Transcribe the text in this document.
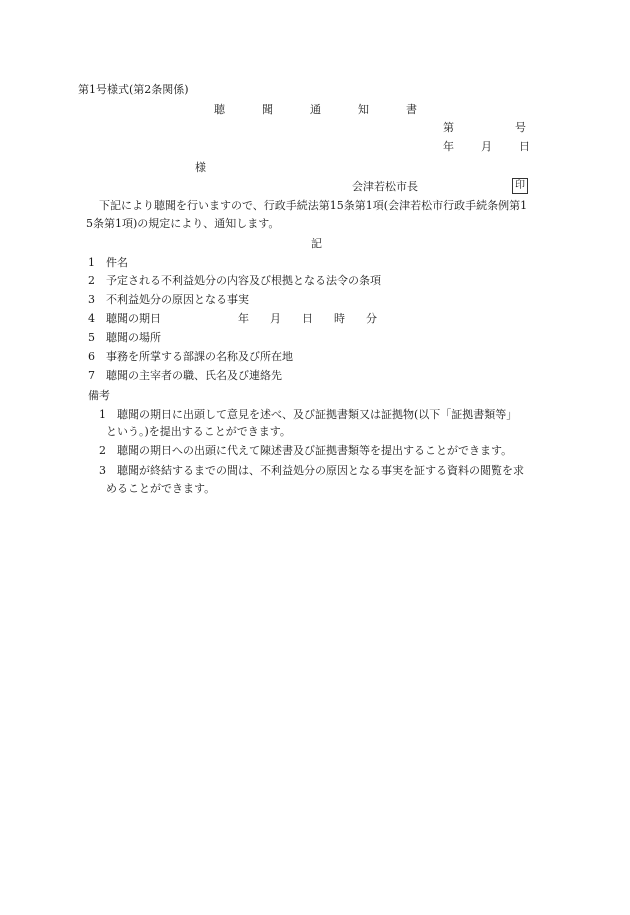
第1号様式(第2条関係)
聴	聞	通	知	書
第	号
年 月 日
様
会津若松市長	印
下記により聴聞を行いますので、行政手続法第15条第1項(会津若松市行政手続条例第1
5条第1項)の規定により、通知します。
記
1 件名
2 予定される不利益処分の内容及び根拠となる法令の条項
3 不利益処分の原因となる事実
4 聴聞の期日	年 月 日 時 分
5 聴聞の場所
6 事務を所掌する部課の名称及び所在地
7 聴聞の主宰者の職、氏名及び連絡先
備考
1 聴聞の期日に出頭して意見を述べ、及び証拠書類又は証拠物(以下「証拠書類等」
という。)を提出することができます。
2 聴聞の期日への出頭に代えて陳述書及び証拠書類等を提出することができます。
3 聴聞が終結するまでの間は、不利益処分の原因となる事実を証する資料の閲覧を求
めることができます。
